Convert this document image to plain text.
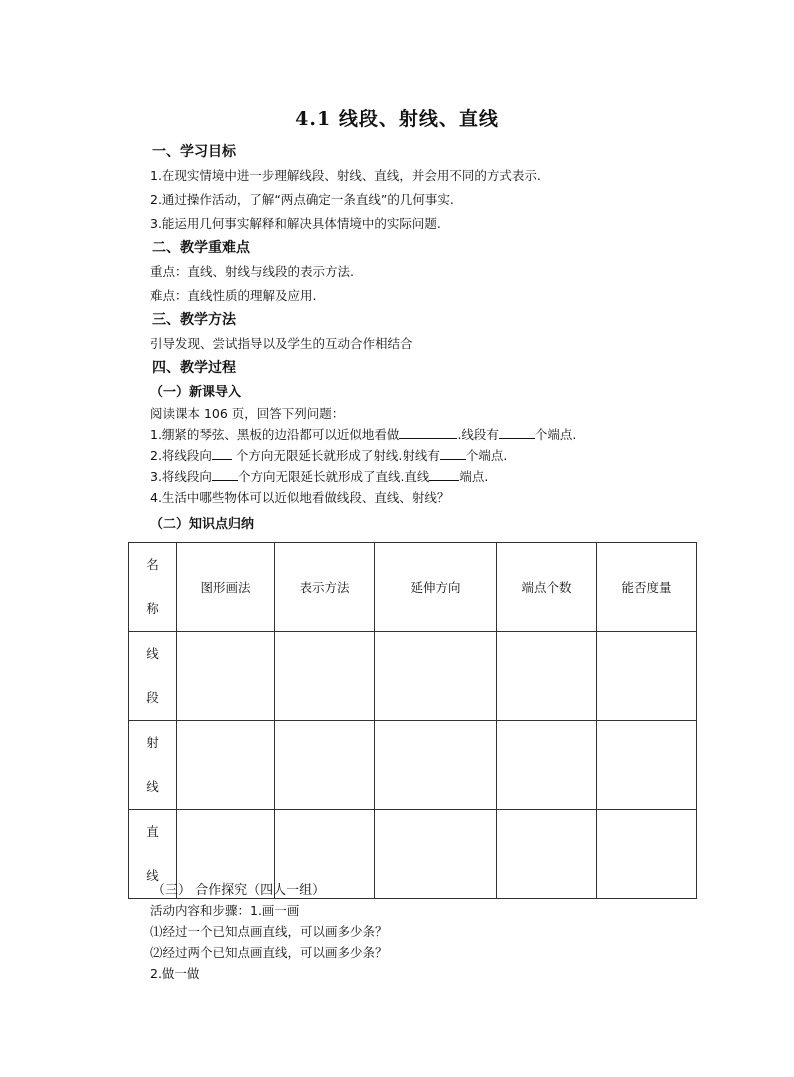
4.1 线段、射线、直线
一、学习目标
1.在现实情境中进一步理解线段、射线、直线，并会用不同的方式表示.
2.通过操作活动，了解“两点确定一条直线”的几何事实.
3.能运用几何事实解释和解决具体情境中的实际问题.
二、教学重难点
重点：直线、射线与线段的表示方法.
难点：直线性质的理解及应用.
三、教学方法
引导发现、尝试指导以及学生的互动合作相结合
四、教学过程
（一）新课导入
阅读课本 106 页，回答下列问题：
1.绷紧的琴弦、黑板的边沿都可以近似地看做	.线段有	个端点.
2.将线段向 个方向无限延长就形成了射线.射线有 个端点.
3.将线段向 个方向无限延长就形成了直线.直线 端点.
4.生活中哪些物体可以近似地看做线段、直线、射线？
（二）知识点归纳
名
称	图形画法	表示方法	延伸方向	端点个数	能否度量

线
段					

射
线					

直
线					

（三） 合作探究（四人一组）
活动内容和步骤：1.画一画
⑴经过一个已知点画直线，可以画多少条？
⑵经过两个已知点画直线，可以画多少条？
2.做一做
